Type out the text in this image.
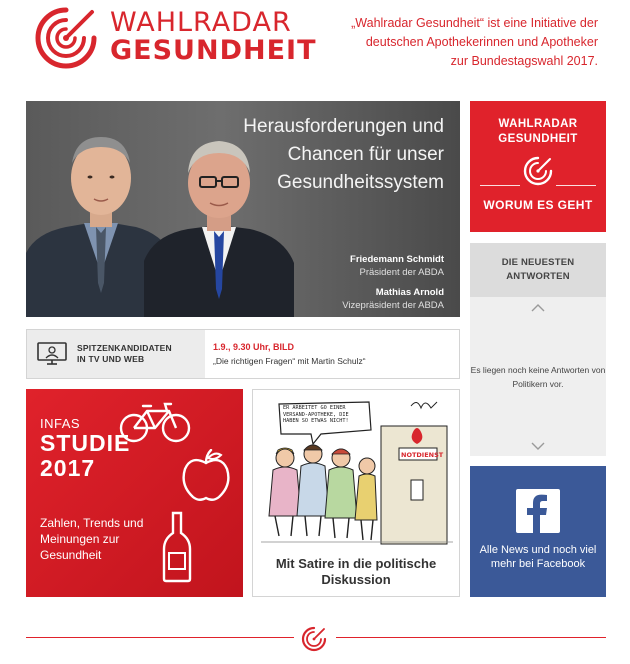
WAHLRADAR
GESUNDHEIT
„Wahlradar Gesundheit“ ist eine Initiative der deutschen Apothekerinnen und Apotheker zur Bundestagswahl 2017.
Herausforderungen und Chancen für unser Gesundheitssystem
Friedemann Schmidt
Präsident der ABDA
Mathias Arnold
Vizepräsident der ABDA
SPITZENKANDIDATEN
IN TV UND WEB
1.9., 9.30 Uhr, BILD
„Die richtigen Fragen“ mit Martin Schulz“
INFAS
STUDIE
2017
Zahlen, Trends und Meinungen zur Gesundheit
NOTDIENST
ER ARBEITET GO EINER VERSAND-APOTHEKE, DIE HABEN SO ETWAS NICHT!
Mit Satire in die politische Diskussion
WAHLRADAR
GESUNDHEIT
WORUM ES GEHT
DIE NEUESTEN
ANTWORTEN
Es liegen noch keine Antworten von Politikern vor.
Alle News und noch viel mehr bei Facebook
